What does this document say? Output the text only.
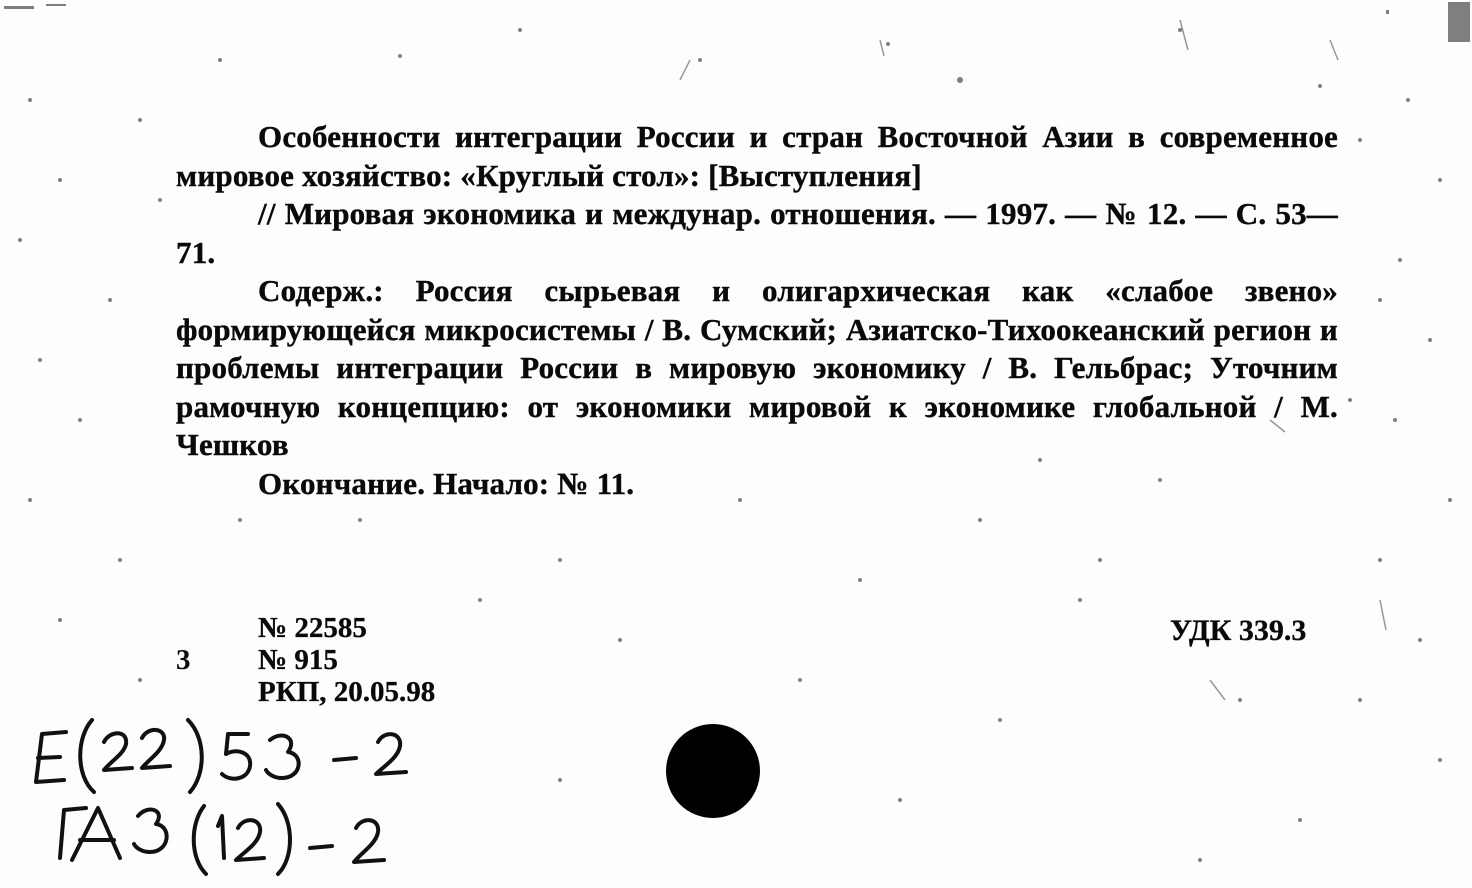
Особенности интеграции России и стран Восточной Азии в современное мировое хозяйство: «Круглый стол»: [Выступления]

// Мировая экономика и междунар. отношения. — 1997. — № 12. — С. 53—71.

Содерж.: Россия сырьевая и олигархическая как «слабое звено» формирующейся микросистемы / В. Сумский; Азиатско-Тихоокеанский регион и проблемы интеграции России в мировую экономику / В. Гельбрас; Уточним рамочную концепцию: от экономики мировой к экономике глобальной / М. Чешков

Окончание. Начало: № 11.

3
№ 22585
№ 915
РКП, 20.05.98
УДК 339.3
